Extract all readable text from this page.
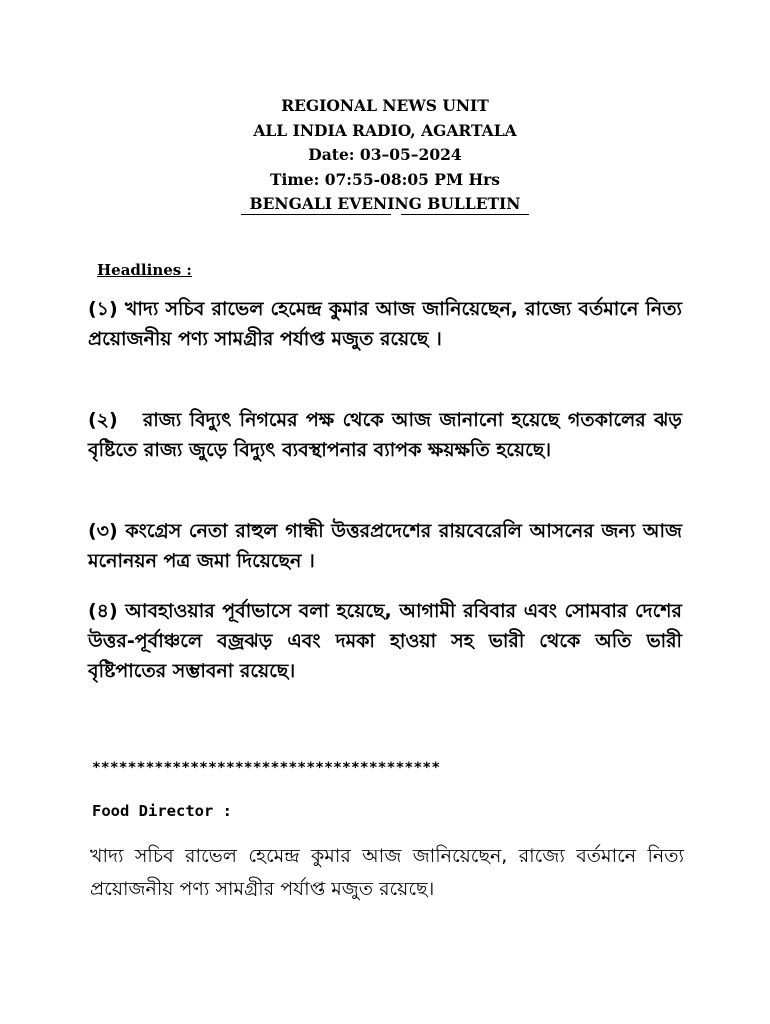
REGIONAL NEWS UNIT
ALL INDIA RADIO, AGARTALA
Date: 03–05–2024
Time: 07:55-08:05 PM Hrs
BENGALI EVENING BULLETIN
Headlines :
(১) খাদ্য সচিব রাভেল হেমেন্দ্র কুমার আজ জানিয়েছেন, রাজ্যে বর্তমানে নিত্য প্রয়োজনীয় পণ্য সামগ্রীর পর্যাপ্ত মজুত রয়েছে ।
(২)   রাজ্য বিদ্যুৎ নিগমের পক্ষ থেকে আজ জানানো হয়েছে গতকালের ঝড় বৃষ্টিতে রাজ্য জুড়ে বিদ্যুৎ ব্যবস্থাপনার ব্যাপক ক্ষয়ক্ষতি হয়েছে।
(৩) কংগ্রেস নেতা রাহুল গান্ধী উত্তরপ্রদেশের রায়বেরেলি আসনের জন্য আজ মনোনয়ন পত্র জমা দিয়েছেন ।
(৪) আবহাওয়ার পূর্বাভাসে বলা হয়েছে, আগামী রবিবার এবং সোমবার দেশের উত্তর-পূর্বাঞ্চলে বজ্রঝড় এবং দমকা হাওয়া সহ ভারী থেকে অতি ভারী বৃষ্টিপাতের সম্ভাবনা রয়েছে।
***************************************
Food Director :
খাদ্য সচিব রাভেল হেমেন্দ্র কুমার আজ জানিয়েছেন, রাজ্যে বর্তমানে নিত্য প্রয়োজনীয় পণ্য সামগ্রীর পর্যাপ্ত মজুত রয়েছে।
